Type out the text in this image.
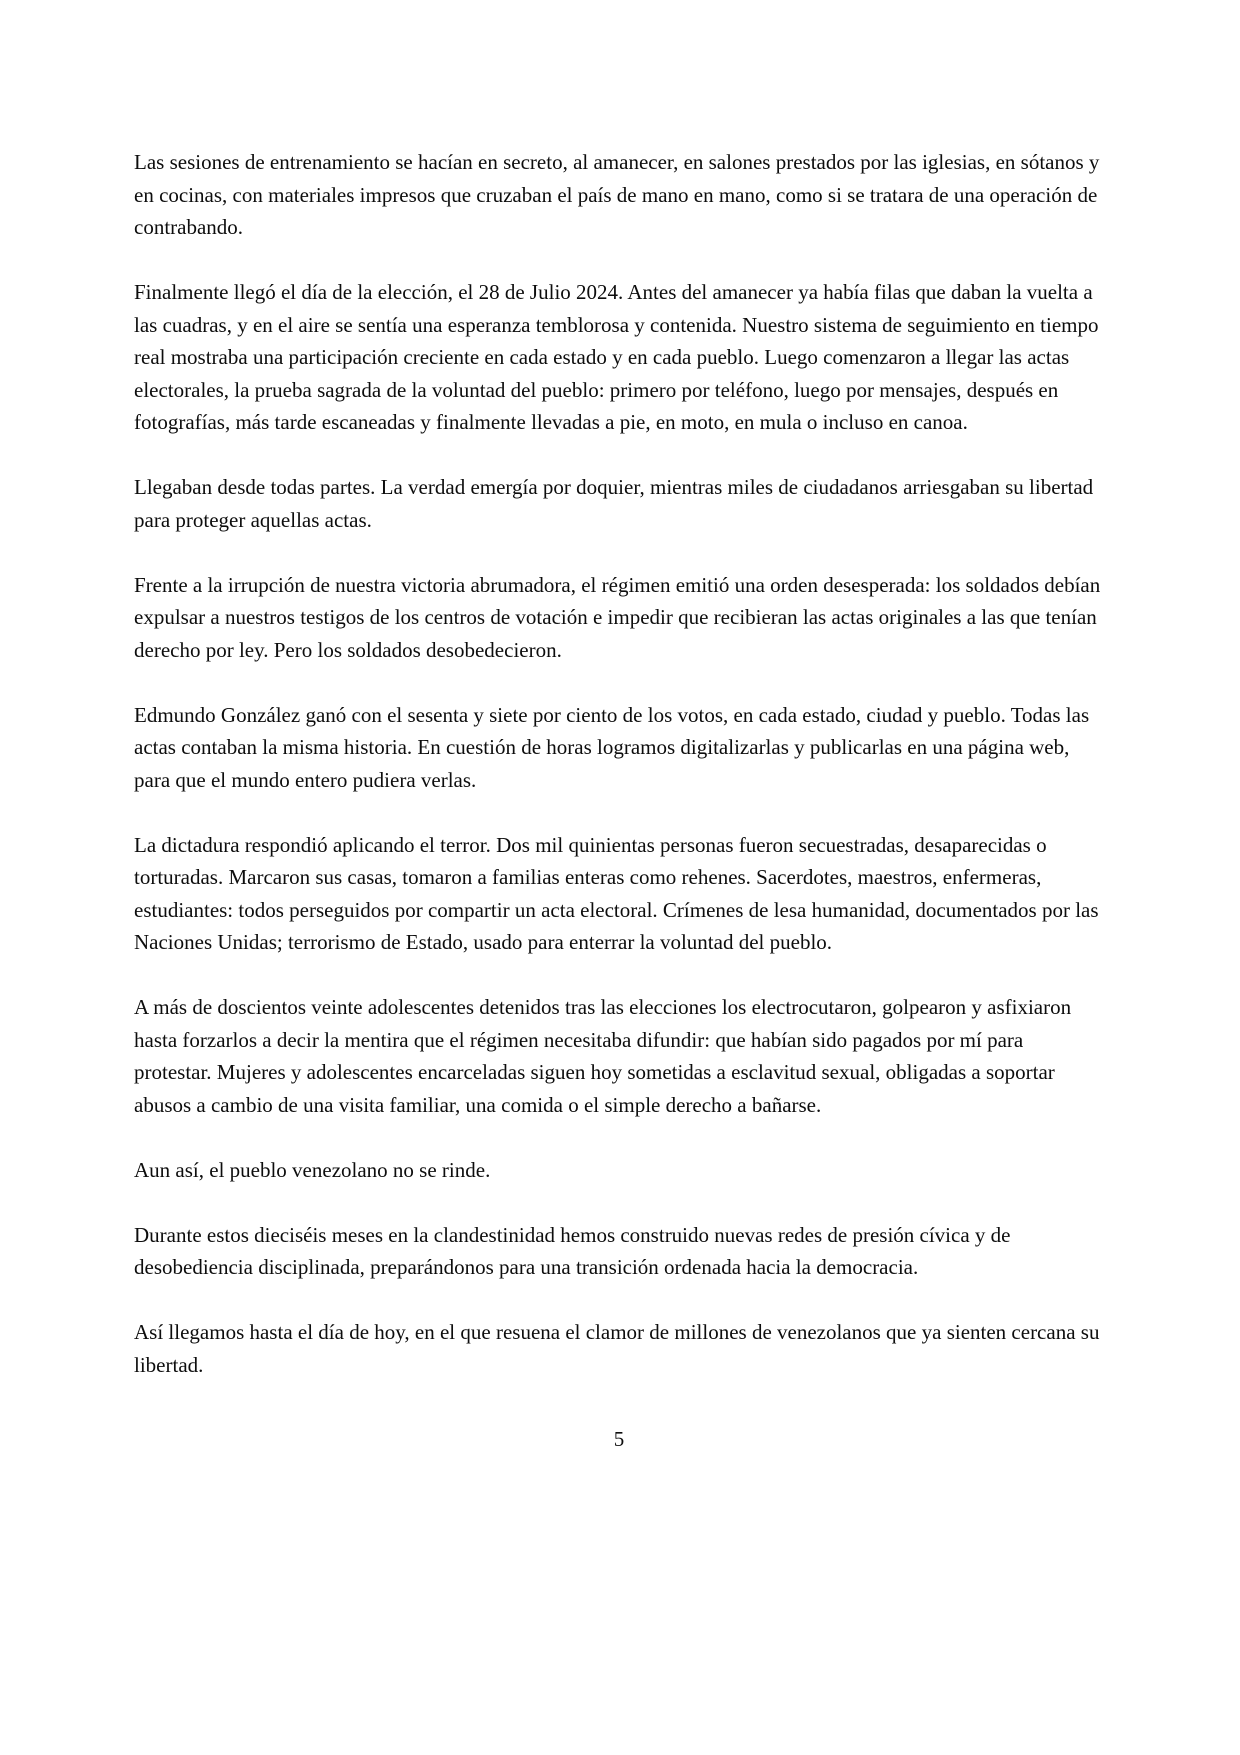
Las sesiones de entrenamiento se hacían en secreto, al amanecer, en salones prestados por las iglesias, en sótanos y en cocinas, con materiales impresos que cruzaban el país de mano en mano, como si se tratara de una operación de contrabando.

Finalmente llegó el día de la elección, el 28 de Julio 2024. Antes del amanecer ya había filas que daban la vuelta a las cuadras, y en el aire se sentía una esperanza temblorosa y contenida. Nuestro sistema de seguimiento en tiempo real mostraba una participación creciente en cada estado y en cada pueblo. Luego comenzaron a llegar las actas electorales, la prueba sagrada de la voluntad del pueblo: primero por teléfono, luego por mensajes, después en fotografías, más tarde escaneadas y finalmente llevadas a pie, en moto, en mula o incluso en canoa.

Llegaban desde todas partes. La verdad emergía por doquier, mientras miles de ciudadanos arriesgaban su libertad para proteger aquellas actas.

Frente a la irrupción de nuestra victoria abrumadora, el régimen emitió una orden desesperada: los soldados debían expulsar a nuestros testigos de los centros de votación e impedir que recibieran las actas originales a las que tenían derecho por ley. Pero los soldados desobedecieron.

Edmundo González ganó con el sesenta y siete por ciento de los votos, en cada estado, ciudad y pueblo. Todas las actas contaban la misma historia. En cuestión de horas logramos digitalizarlas y publicarlas en una página web, para que el mundo entero pudiera verlas.

La dictadura respondió aplicando el terror. Dos mil quinientas personas fueron secuestradas, desaparecidas o torturadas. Marcaron sus casas, tomaron a familias enteras como rehenes. Sacerdotes, maestros, enfermeras, estudiantes: todos perseguidos por compartir un acta electoral. Crímenes de lesa humanidad, documentados por las Naciones Unidas; terrorismo de Estado, usado para enterrar la voluntad del pueblo.

A más de doscientos veinte adolescentes detenidos tras las elecciones los electrocutaron, golpearon y asfixiaron hasta forzarlos a decir la mentira que el régimen necesitaba difundir: que habían sido pagados por mí para protestar. Mujeres y adolescentes encarceladas siguen hoy sometidas a esclavitud sexual, obligadas a soportar abusos a cambio de una visita familiar, una comida o el simple derecho a bañarse.

Aun así, el pueblo venezolano no se rinde.

Durante estos dieciséis meses en la clandestinidad hemos construido nuevas redes de presión cívica y de desobediencia disciplinada, preparándonos para una transición ordenada hacia la democracia.

Así llegamos hasta el día de hoy, en el que resuena el clamor de millones de venezolanos que ya sienten cercana su libertad.

5
